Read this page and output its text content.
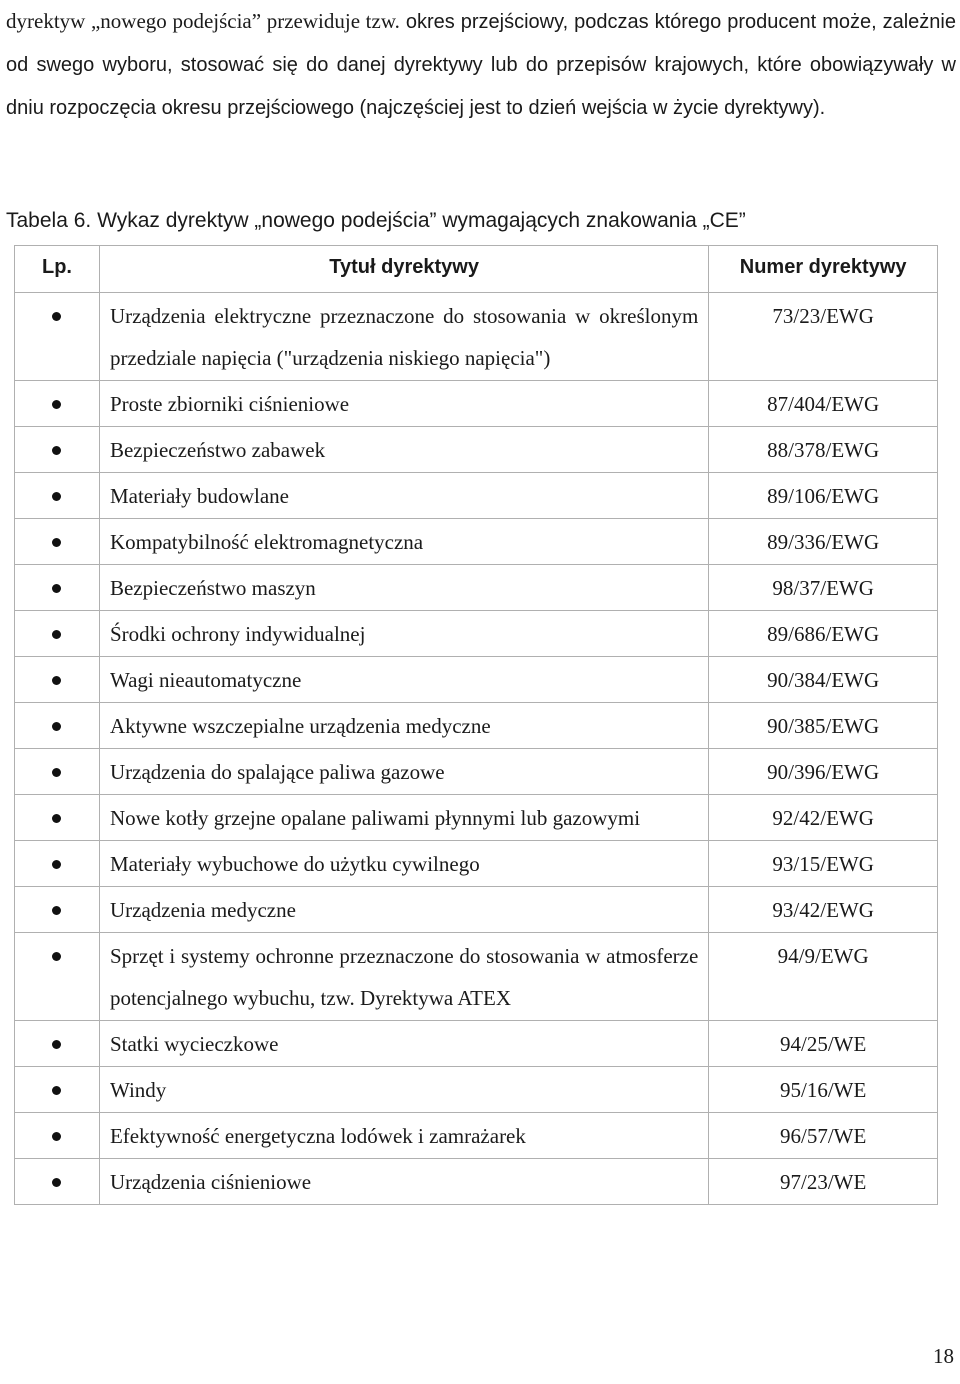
dyrektyw „nowego podejścia” przewiduje tzw. okres przejściowy, podczas którego producent może, zależnie od swego wyboru, stosować się do danej dyrektywy lub do przepisów krajowych, które obowiązywały w dniu rozpoczęcia okresu przejściowego (najczęściej jest to dzień wejścia w życie dyrektywy).

Tabela 6. Wykaz dyrektyw „nowego podejścia” wymagających znakowania „CE”

Lp.	Tytuł dyrektywy	Numer dyrektywy
	Urządzenia elektryczne przeznaczone do stosowania w określonym przedziale napięcia ("urządzenia niskiego napięcia")	73/23/EWG
	Proste zbiorniki ciśnieniowe	87/404/EWG
	Bezpieczeństwo zabawek	88/378/EWG
	Materiały budowlane	89/106/EWG
	Kompatybilność elektromagnetyczna	89/336/EWG
	Bezpieczeństwo maszyn	98/37/EWG
	Środki ochrony indywidualnej	89/686/EWG
	Wagi nieautomatyczne	90/384/EWG
	Aktywne wszczepialne urządzenia medyczne	90/385/EWG
	Urządzenia do spalające paliwa gazowe	90/396/EWG
	Nowe kotły grzejne opalane paliwami płynnymi lub gazowymi	92/42/EWG
	Materiały wybuchowe do użytku cywilnego	93/15/EWG
	Urządzenia medyczne	93/42/EWG
	Sprzęt i systemy ochronne przeznaczone do stosowania w atmosferze potencjalnego wybuchu, tzw. Dyrektywa ATEX	94/9/EWG
	Statki wycieczkowe	94/25/WE
	Windy	95/16/WE
	Efektywność energetyczna lodówek i zamrażarek	96/57/WE
	Urządzenia ciśnieniowe	97/23/WE
18
